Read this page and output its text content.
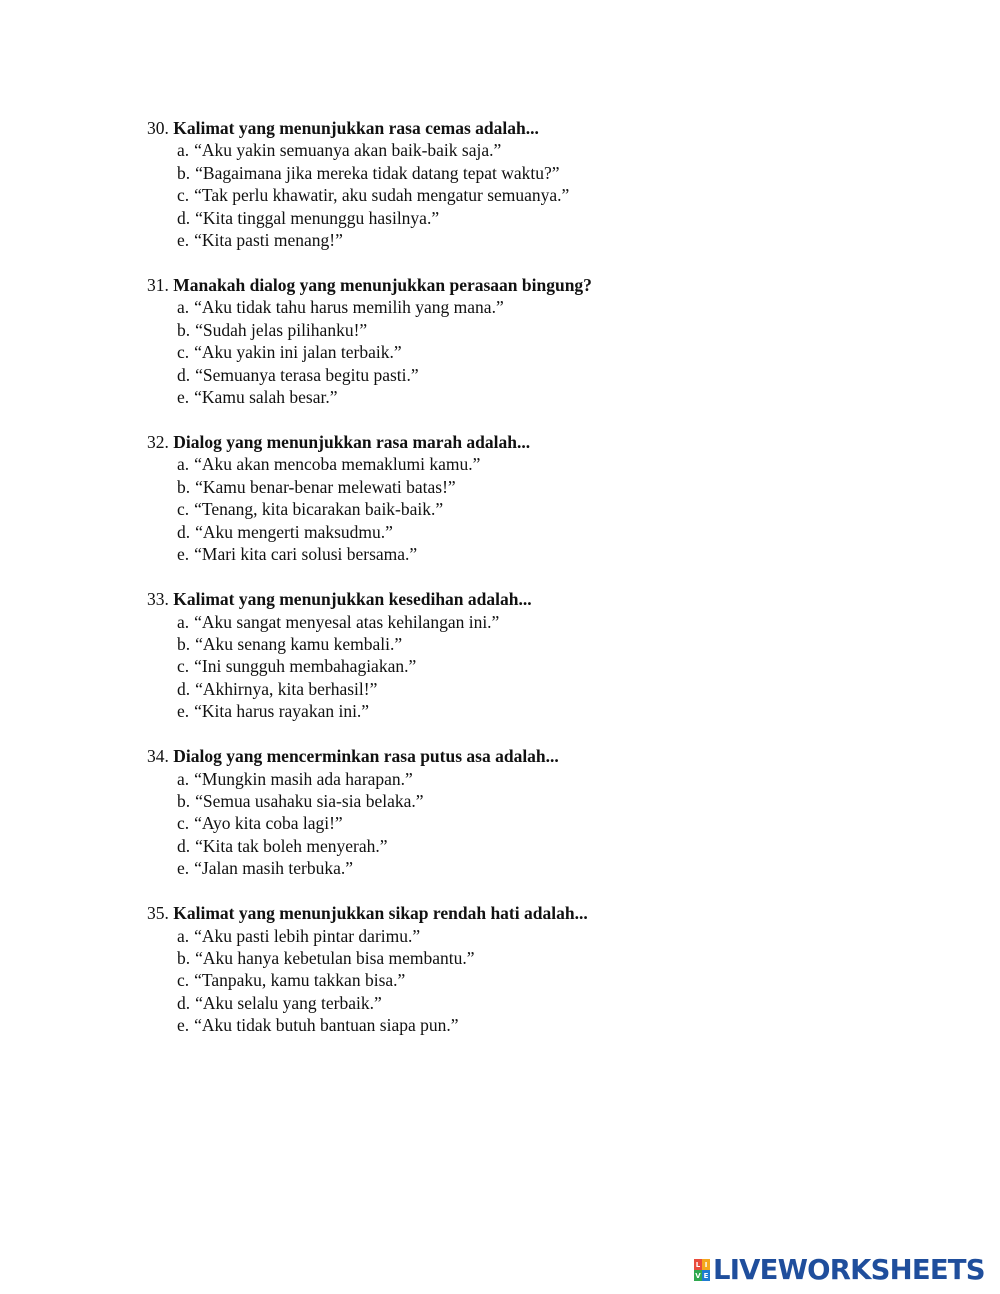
30. Kalimat yang menunjukkan rasa cemas adalah...
a. “Aku yakin semuanya akan baik-baik saja.”
b. “Bagaimana jika mereka tidak datang tepat waktu?”
c. “Tak perlu khawatir, aku sudah mengatur semuanya.”
d. “Kita tinggal menunggu hasilnya.”
e. “Kita pasti menang!”
31. Manakah dialog yang menunjukkan perasaan bingung?
a. “Aku tidak tahu harus memilih yang mana.”
b. “Sudah jelas pilihanku!”
c. “Aku yakin ini jalan terbaik.”
d. “Semuanya terasa begitu pasti.”
e. “Kamu salah besar.”
32. Dialog yang menunjukkan rasa marah adalah...
a. “Aku akan mencoba memaklumi kamu.”
b. “Kamu benar-benar melewati batas!”
c. “Tenang, kita bicarakan baik-baik.”
d. “Aku mengerti maksudmu.”
e. “Mari kita cari solusi bersama.”
33. Kalimat yang menunjukkan kesedihan adalah...
a. “Aku sangat menyesal atas kehilangan ini.”
b. “Aku senang kamu kembali.”
c. “Ini sungguh membahagiakan.”
d. “Akhirnya, kita berhasil!”
e. “Kita harus rayakan ini.”
34. Dialog yang mencerminkan rasa putus asa adalah...
a. “Mungkin masih ada harapan.”
b. “Semua usahaku sia-sia belaka.”
c. “Ayo kita coba lagi!”
d. “Kita tak boleh menyerah.”
e. “Jalan masih terbuka.”
35. Kalimat yang menunjukkan sikap rendah hati adalah...
a. “Aku pasti lebih pintar darimu.”
b. “Aku hanya kebetulan bisa membantu.”
c. “Tanpaku, kamu takkan bisa.”
d. “Aku selalu yang terbaik.”
e. “Aku tidak butuh bantuan siapa pun.”
L I
V E LIVEWORKSHEETS
